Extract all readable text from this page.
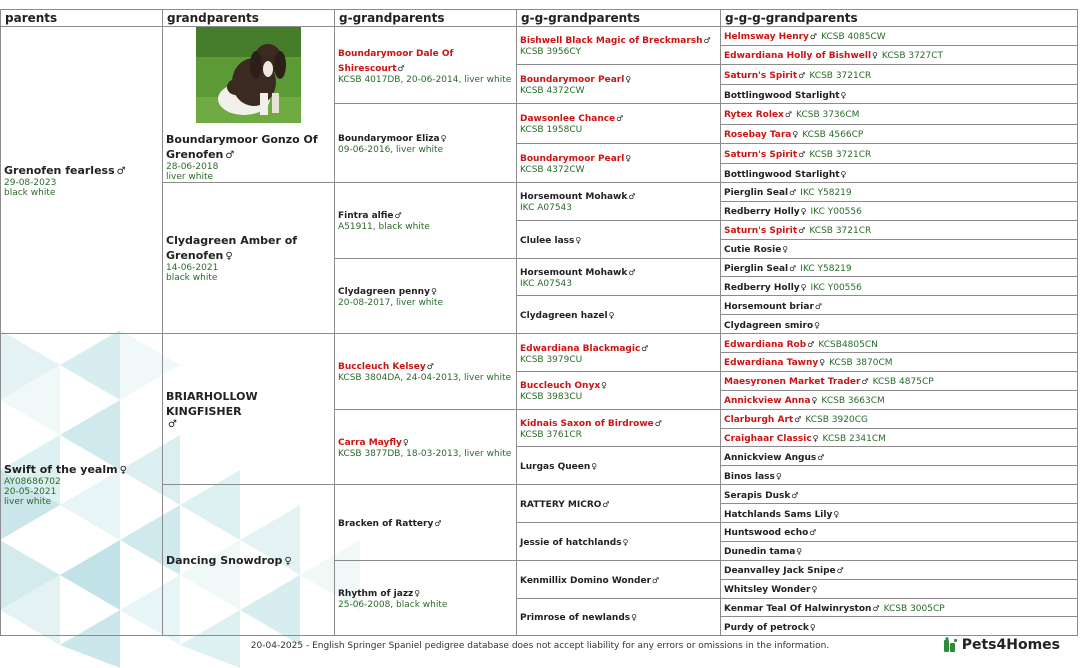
parents	grandparents	g-grandparents	g-g-grandparents	g-g-g-grandparents
Grenofen fearless ♂
29-08-2023
black white	Boundarymoor Gonzo Of Grenofen ♂
28-06-2018
liver white	Boundarymoor Dale Of Shirescourt♂
KCSB 4017DB, 20-06-2014, liver white	Bishwell Black Magic of Breckmarsh♂
KCSB 3956CY	Helmsway Henry♂ KCSB 4085CW
				Edwardiana Holly of Bishwell♀ KCSB 3727CT
			Boundarymoor Pearl♀
KCSB 4372CW	Saturn's Spirit♂ KCSB 3721CR
				Bottlingwood Starlight♀
		Boundarymoor Eliza♀
09-06-2016, liver white	Dawsonlee Chance♂
KCSB 1958CU	Rytex Rolex♂ KCSB 3736CM
				Rosebay Tara♀ KCSB 4566CP
			Boundarymoor Pearl♀
KCSB 4372CW	Saturn's Spirit♂ KCSB 3721CR
				Bottlingwood Starlight♀
	Clydagreen Amber of Grenofen ♀
14-06-2021
black white	Fintra alfie♂
A51911, black white	Horsemount Mohawk♂
IKC A07543	Pierglin Seal♂ IKC Y58219
				Redberry Holly♀ IKC Y00556
			Clulee lass♀	Saturn's Spirit♂ KCSB 3721CR
				Cutie Rosie♀
		Clydagreen penny♀
20-08-2017, liver white	Horsemount Mohawk♂
IKC A07543	Pierglin Seal♂ IKC Y58219
				Redberry Holly♀ IKC Y00556
			Clydagreen hazel♀	Horsemount briar♂
				Clydagreen smiro♀
Swift of the yealm ♀
AY08686702
20-05-2021
liver white	BRIARHOLLOW KINGFISHER
♂	Buccleuch Kelsey♂
KCSB 3804DA, 24-04-2013, liver white	Edwardiana Blackmagic♂
KCSB 3979CU	Edwardiana Rob♂ KCSB4805CN
				Edwardiana Tawny♀ KCSB 3870CM
			Buccleuch Onyx♀
KCSB 3983CU	Maesyronen Market Trader♂ KCSB 4875CP
				Annickview Anna♀ KCSB 3663CM
		Carra Mayfly♀
KCSB 3877DB, 18-03-2013, liver white	Kidnais Saxon of Birdrowe♂
KCSB 3761CR	Clarburgh Art♂ KCSB 3920CG
				Craighaar Classic♀ KCSB 2341CM
			Lurgas Queen♀	Annickview Angus♂
				Binos lass♀
	Dancing Snowdrop ♀	Bracken of Rattery♂	RATTERY MICRO♂	Serapis Dusk♂
				Hatchlands Sams Lily♀
			Jessie of hatchlands♀	Huntswood echo♂
				Dunedin tama♀
		Rhythm of jazz♀
25-06-2008, black white	Kenmillix Domino Wonder♂	Deanvalley Jack Snipe♂
				Whitsley Wonder♀
			Primrose of newlands♀	Kenmar Teal Of Halwinryston♂ KCSB 3005CP
				Purdy of petrock♀
20-04-2025 - English Springer Spaniel pedigree database does not accept liability for any errors or omissions in the information.	Pets4Homes
